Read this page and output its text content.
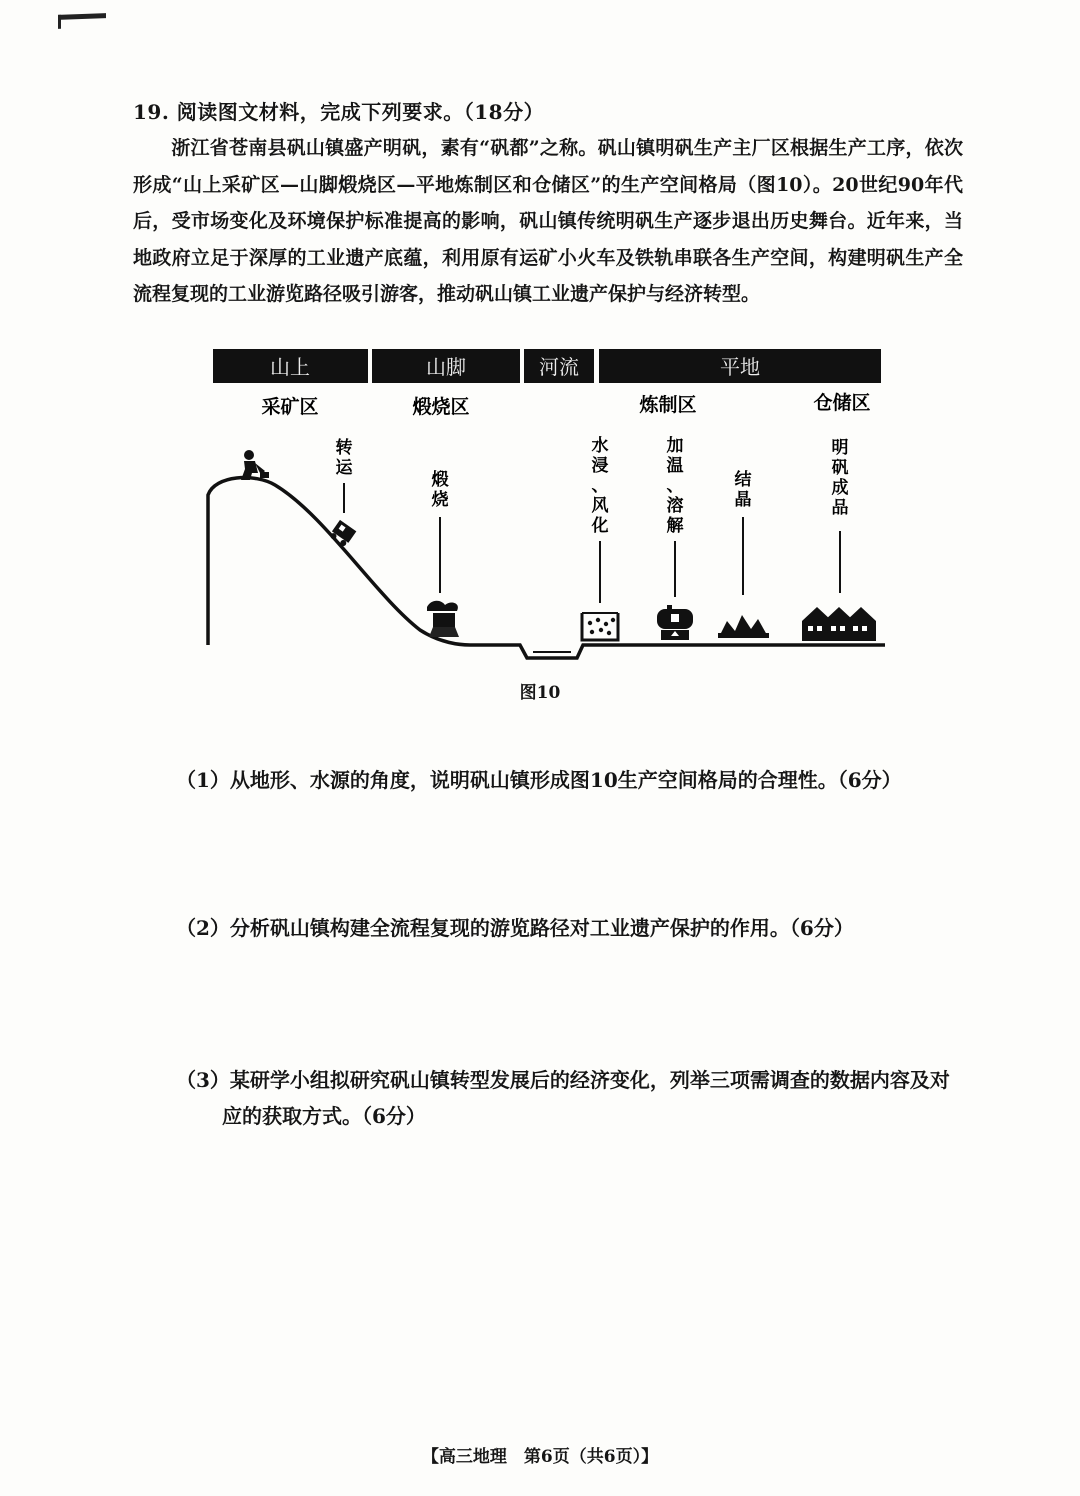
19. 阅读图文材料，完成下列要求。（18分）
浙江省苍南县矾山镇盛产明矾，素有“矾都”之称。矾山镇明矾生产主厂区根据生产工序，依次形成“山上采矿区—山脚煅烧区—平地炼制区和仓储区”的生产空间格局（图10）。20世纪90年代后，受市场变化及环境保护标准提高的影响，矾山镇传统明矾生产逐步退出历史舞台。近年来，当地政府立足于深厚的工业遗产底蕴，利用原有运矿小火车及铁轨串联各生产空间，构建明矾生产全流程复现的工业游览路径吸引游客，推动矾山镇工业遗产保护与经济转型。
山上	山脚	河流	平地
采矿区	煅烧区	炼制区	仓储区
转
运
煅
烧
水
浸
、
风
化
加
温
、
溶
解
结
晶
明
矾
成
品
图10
（1）从地形、水源的角度，说明矾山镇形成图10生产空间格局的合理性。（6分）
（2）分析矾山镇构建全流程复现的游览路径对工业遗产保护的作用。（6分）
（3）某研学小组拟研究矾山镇转型发展后的经济变化，列举三项需调查的数据内容及对
应的获取方式。（6分）
【高三地理　第6页（共6页）】
